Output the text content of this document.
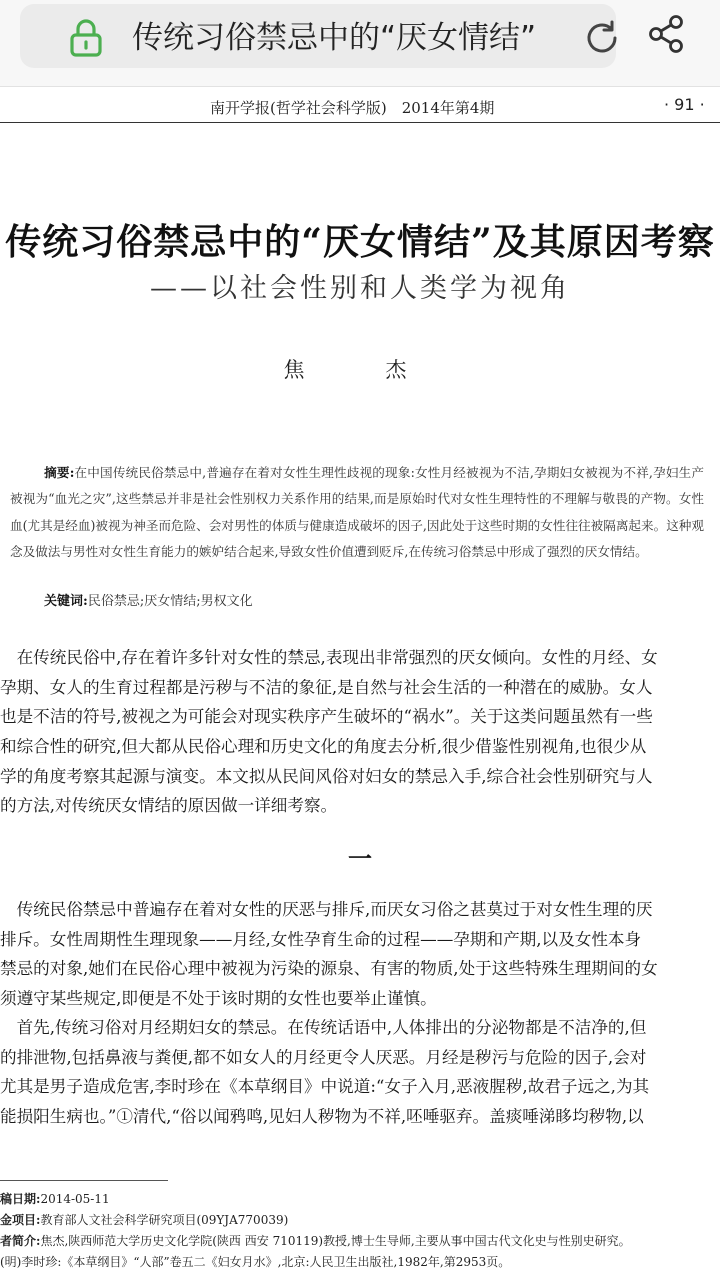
传统习俗禁忌中的“厌女情结”
南开学报(哲学社会科学版)　2014年第4期	· 91 ·
传统习俗禁忌中的“厌女情结”及其原因考察
——以社会性别和人类学为视角
焦　杰
摘要:在中国传统民俗禁忌中,普遍存在着对女性生理性歧视的现象:女性月经被视为不洁,孕期妇女被视为不祥,孕妇生产被视为“血光之灾”,这些禁忌并非是社会性别权力关系作用的结果,而是原始时代对女性生理特性的不理解与敬畏的产物。女性血(尤其是经血)被视为神圣而危险、会对男性的体质与健康造成破坏的因子,因此处于这些时期的女性往往被隔离起来。这种观念及做法与男性对女性生育能力的嫉妒结合起来,导致女性价值遭到贬斥,在传统习俗禁忌中形成了强烈的厌女情结。
关键词:民俗禁忌;厌女情结;男权文化
　在传统民俗中,存在着许多针对女性的禁忌,表现出非常强烈的厌女倾向。女性的月经、女
孕期、女人的生育过程都是污秽与不洁的象征,是自然与社会生活的一种潜在的威胁。女人
也是不洁的符号,被视之为可能会对现实秩序产生破坏的“祸水”。关于这类问题虽然有一些
和综合性的研究,但大都从民俗心理和历史文化的角度去分析,很少借鉴性别视角,也很少从
学的角度考察其起源与演变。本文拟从民间风俗对妇女的禁忌入手,综合社会性别研究与人
的方法,对传统厌女情结的原因做一详细考察。
一
　传统民俗禁忌中普遍存在着对女性的厌恶与排斥,而厌女习俗之甚莫过于对女性生理的厌
排斥。女性周期性生理现象——月经,女性孕育生命的过程——孕期和产期,以及女性本身
禁忌的对象,她们在民俗心理中被视为污染的源泉、有害的物质,处于这些特殊生理期间的女
须遵守某些规定,即便是不处于该时期的女性也要举止谨慎。
　首先,传统习俗对月经期妇女的禁忌。在传统话语中,人体排出的分泌物都是不洁净的,但
的排泄物,包括鼻液与粪便,都不如女人的月经更令人厌恶。月经是秽污与危险的因子,会对
尤其是男子造成危害,李时珍在《本草纲目》中说道:“女子入月,恶液腥秽,故君子远之,为其
能损阳生病也。”①清代,“俗以闻鸦鸣,见妇人秽物为不祥,呸唾驱弃。盖痰唾涕眵均秽物,以
稿日期:2014-05-11
金项目:教育部人文社会科学研究项目(09YJA770039)
者简介:焦杰,陕西师范大学历史文化学院(陕西 西安 710119)教授,博士生导师,主要从事中国古代文化史与性别史研究。
(明)李时珍:《本草纲目》“人部”卷五二《妇女月水》,北京:人民卫生出版社,1982年,第2953页。
